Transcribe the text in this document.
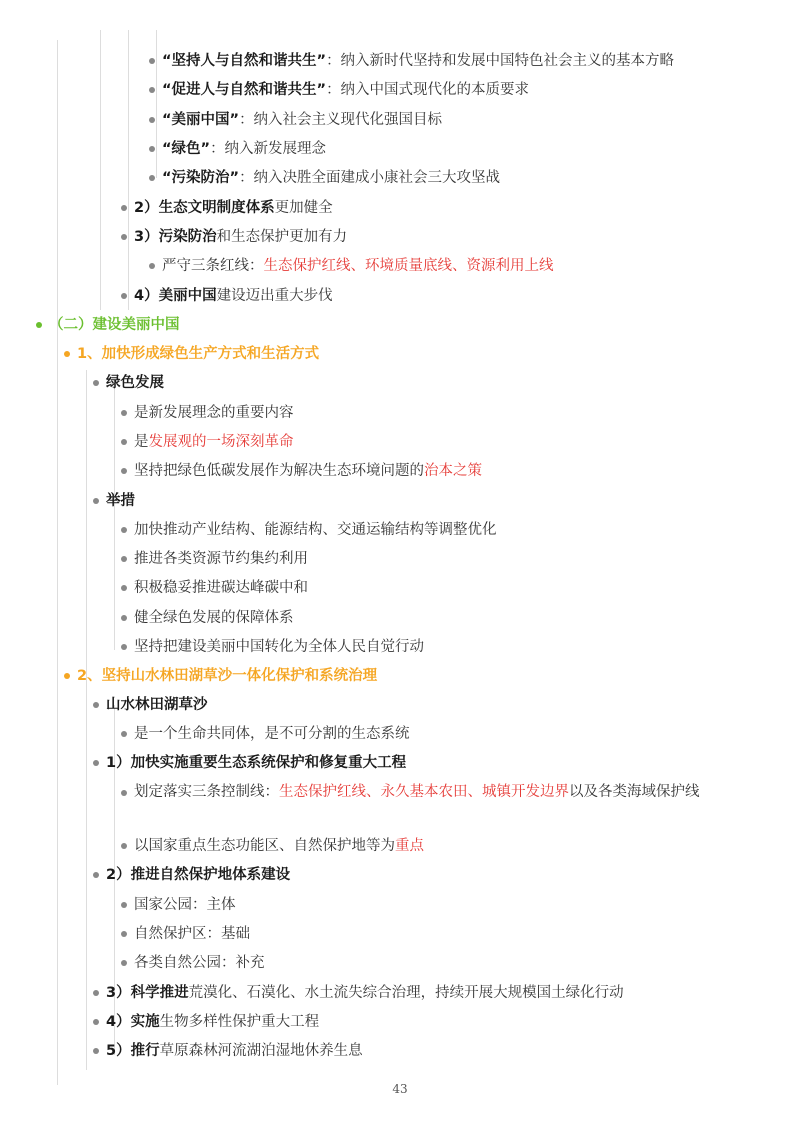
“坚持人与自然和谐共生”：纳入新时代坚持和发展中国特色社会主义的基本方略
“促进人与自然和谐共生”：纳入中国式现代化的本质要求
“美丽中国”：纳入社会主义现代化强国目标
“绿色”：纳入新发展理念
“污染防治”：纳入决胜全面建成小康社会三大攻坚战
2）生态文明制度体系更加健全
3）污染防治和生态保护更加有力
严守三条红线：生态保护红线、环境质量底线、资源利用上线
4）美丽中国建设迈出重大步伐
（二）建设美丽中国
1、加快形成绿色生产方式和生活方式
绿色发展
是新发展理念的重要内容
是发展观的一场深刻革命
坚持把绿色低碳发展作为解决生态环境问题的治本之策
举措
加快推动产业结构、能源结构、交通运输结构等调整优化
推进各类资源节约集约利用
积极稳妥推进碳达峰碳中和
健全绿色发展的保障体系
坚持把建设美丽中国转化为全体人民自觉行动
2、坚持山水林田湖草沙一体化保护和系统治理
山水林田湖草沙
是一个生命共同体，是不可分割的生态系统
1）加快实施重要生态系统保护和修复重大工程
划定落实三条控制线：生态保护红线、永久基本农田、城镇开发边界以及各类海域保护线
以国家重点生态功能区、自然保护地等为重点
2）推进自然保护地体系建设
国家公园：主体
自然保护区：基础
各类自然公园：补充
3）科学推进荒漠化、石漠化、水土流失综合治理，持续开展大规模国土绿化行动
4）实施生物多样性保护重大工程
5）推行草原森林河流湖泊湿地休养生息
43
